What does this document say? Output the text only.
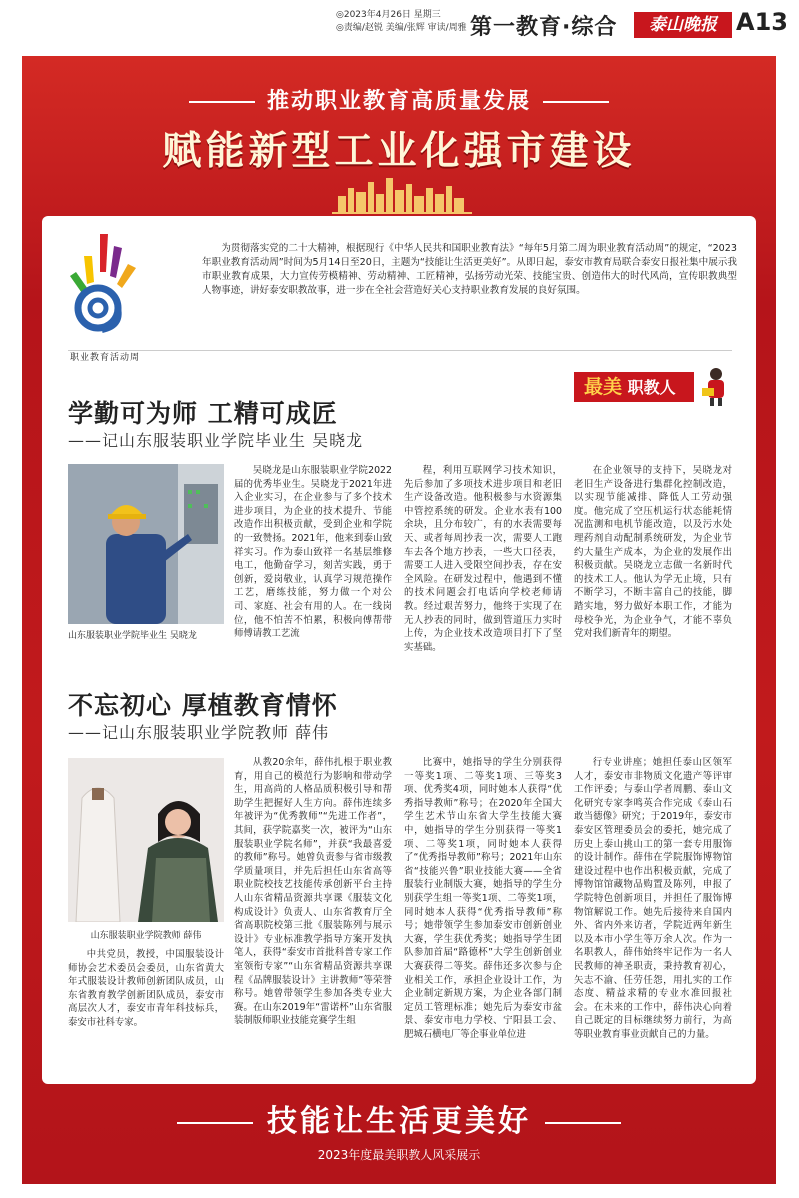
◎2023年4月26日 星期三
◎责编/赵锐 美编/张辉 审读/周雅 第一教育·综合	泰山晚报 A13
推动职业教育高质量发展
赋能新型工业化强市建设
职业教育活动周
为贯彻落实党的二十大精神，根据现行《中华人民共和国职业教育法》“每年5月第二周为职业教育活动周”的规定，“2023年职业教育活动周”时间为5月14日至20日，主题为“技能让生活更美好”。从即日起，泰安市教育局联合泰安日报社集中展示我市职业教育成果，大力宣传劳模精神、劳动精神、工匠精神，弘扬劳动光荣、技能宝贵、创造伟大的时代风尚，宣传职教典型人物事迹，讲好泰安职教故事，进一步在全社会营造好关心支持职业教育发展的良好氛围。
最美 职教人
学勤可为师 工精可成匠
——记山东服装职业学院毕业生 吴晓龙
山东服装职业学院毕业生 吴晓龙

吴晓龙是山东服装职业学院2022届的优秀毕业生。吴晓龙于2021年进入企业实习，在企业参与了多个技术进步项目，为企业的技术提升、节能改造作出积极贡献，受到企业和学院的一致赞扬。2021年，他来到泰山致祥实习。作为泰山致祥一名基层维修电工，他勤奋学习，刻苦实践，勇于创新，爱岗敬业，认真学习规范操作工艺，磨练技能，努力做一个对公司、家庭、社会有用的人。在一线岗位，他不怕苦不怕累，积极向傅帮带师傅请教工艺流

程，利用互联网学习技术知识，先后参加了多项技术进步项目和老旧生产设备改造。他积极参与水资源集中管控系统的研发。企业水表有100余块，且分布较广，有的水表需要每天、或者每周抄表一次，需要人工跑车去各个地方抄表，一些大口径表，需要工人进入受限空间抄表，存在安全风险。在研发过程中，他遇到不懂的技术问题会打电话向学校老师请教。经过艰苦努力，他终于实现了在无人抄表的同时，做到管道压力实时上传，为企业技术改造项目打下了坚实基础。

在企业领导的支持下，吴晓龙对老旧生产设备进行集群化控制改造，以实现节能减排、降低人工劳动强度。他完成了空压机运行状态能耗情况监测和电机节能改造，以及污水处理药剂自动配制系统研发，为企业节约大量生产成本，为企业的发展作出积极贡献。吴晓龙立志做一名新时代的技术工人。他认为学无止境，只有不断学习，不断丰富自己的技能，脚踏实地，努力做好本职工作，才能为母校争光，为企业争气，才能不辜负党对我们新青年的期望。

不忘初心 厚植教育情怀
——记山东服装职业学院教师 薛伟
山东服装职业学院教师 薛伟
中共党员，教授，中国服装设计师协会艺术委员会委员，山东省黄大年式服装设计教师创新团队成员，山东省教育教学创新团队成员，泰安市高层次人才，泰安市青年科技标兵，泰安市社科专家。

从教20余年，薛伟扎根于职业教育，用自己的模范行为影响和带动学生，用高尚的人格品质积极引导和帮助学生把握好人生方向。薛伟连续多年被评为“优秀教师”“先进工作者”，其间，获学院嘉奖一次，被评为“山东服装职业学院名师”，并获“我最喜爱的教师”称号。她曾负责参与省市级教学质量项目，并先后担任山东省高等职业院校技艺技能传承创新平台主持人山东省精品资源共享课《服装文化构成设计》负责人、山东省教育厅全省高职院校第三批《服装陈列与展示设计》专业标准教学指导方案开发执笔人，获得“泰安市首批科普专家工作室领衔专家”“山东省精品资源共享课程《品牌服装设计》主讲教师”等荣誉称号。她曾带领学生参加各类专业大赛。在山东2019年“雷诺杯”山东省服装制版师职业技能竞赛学生组

比赛中，她指导的学生分别获得一等奖1项、二等奖1项、三等奖3项、优秀奖4项，同时她本人获得“优秀指导教师”称号；在2020年全国大学生艺术节山东省大学生技能大赛中，她指导的学生分别获得一等奖1项、二等奖1项，同时她本人获得了“优秀指导教师”称号；2021年山东省“技能兴鲁”职业技能大赛——全省服装行业制版大赛，她指导的学生分别获学生组一等奖1项、二等奖1项，同时她本人获得“优秀指导教师”称号；她带领学生参加泰安市创新创业大赛，学生获优秀奖；她指导学生团队参加首届“路德杯”大学生创新创业大赛获得二等奖。薛伟还多次参与企业相关工作，承担企业设计工作，为企业制定新规方案，为企业各部门制定员工管理标准；她先后为泰安市盆景、泰安市电力学校、宁阳县工会、肥城石横电厂等企事业单位进

行专业讲座；她担任泰山区领军人才，泰安市非物质文化遗产等评审工作评委；与泰山学者周鹏、泰山文化研究专家李鸣英合作完成《泰山石敢当德像》研究；于2019年，泰安市泰安区管理委员会的委托，她完成了历史上泰山挑山工的第一套专用服饰的设计制作。薛伟在学院服饰博物馆建设过程中也作出积极贡献，完成了博物馆馆藏物品购置及陈列，申报了学院特色创新项目，并担任了服饰博物馆解说工作。她先后接待来自国内外、省内外来访者，学院近两年新生以及本市小学生等万余人次。作为一名职教人，薛伟始终牢记作为一名人民教师的神圣职责，秉持教育初心，矢志不渝、任劳任怨，用扎实的工作态度、精益求精的专业水准回报社会。在未来的工作中，薛伟决心向着自己既定的目标继续努力前行，为高等职业教育事业贡献自己的力量。

技能让生活更美好
2023年度最美职教人风采展示
